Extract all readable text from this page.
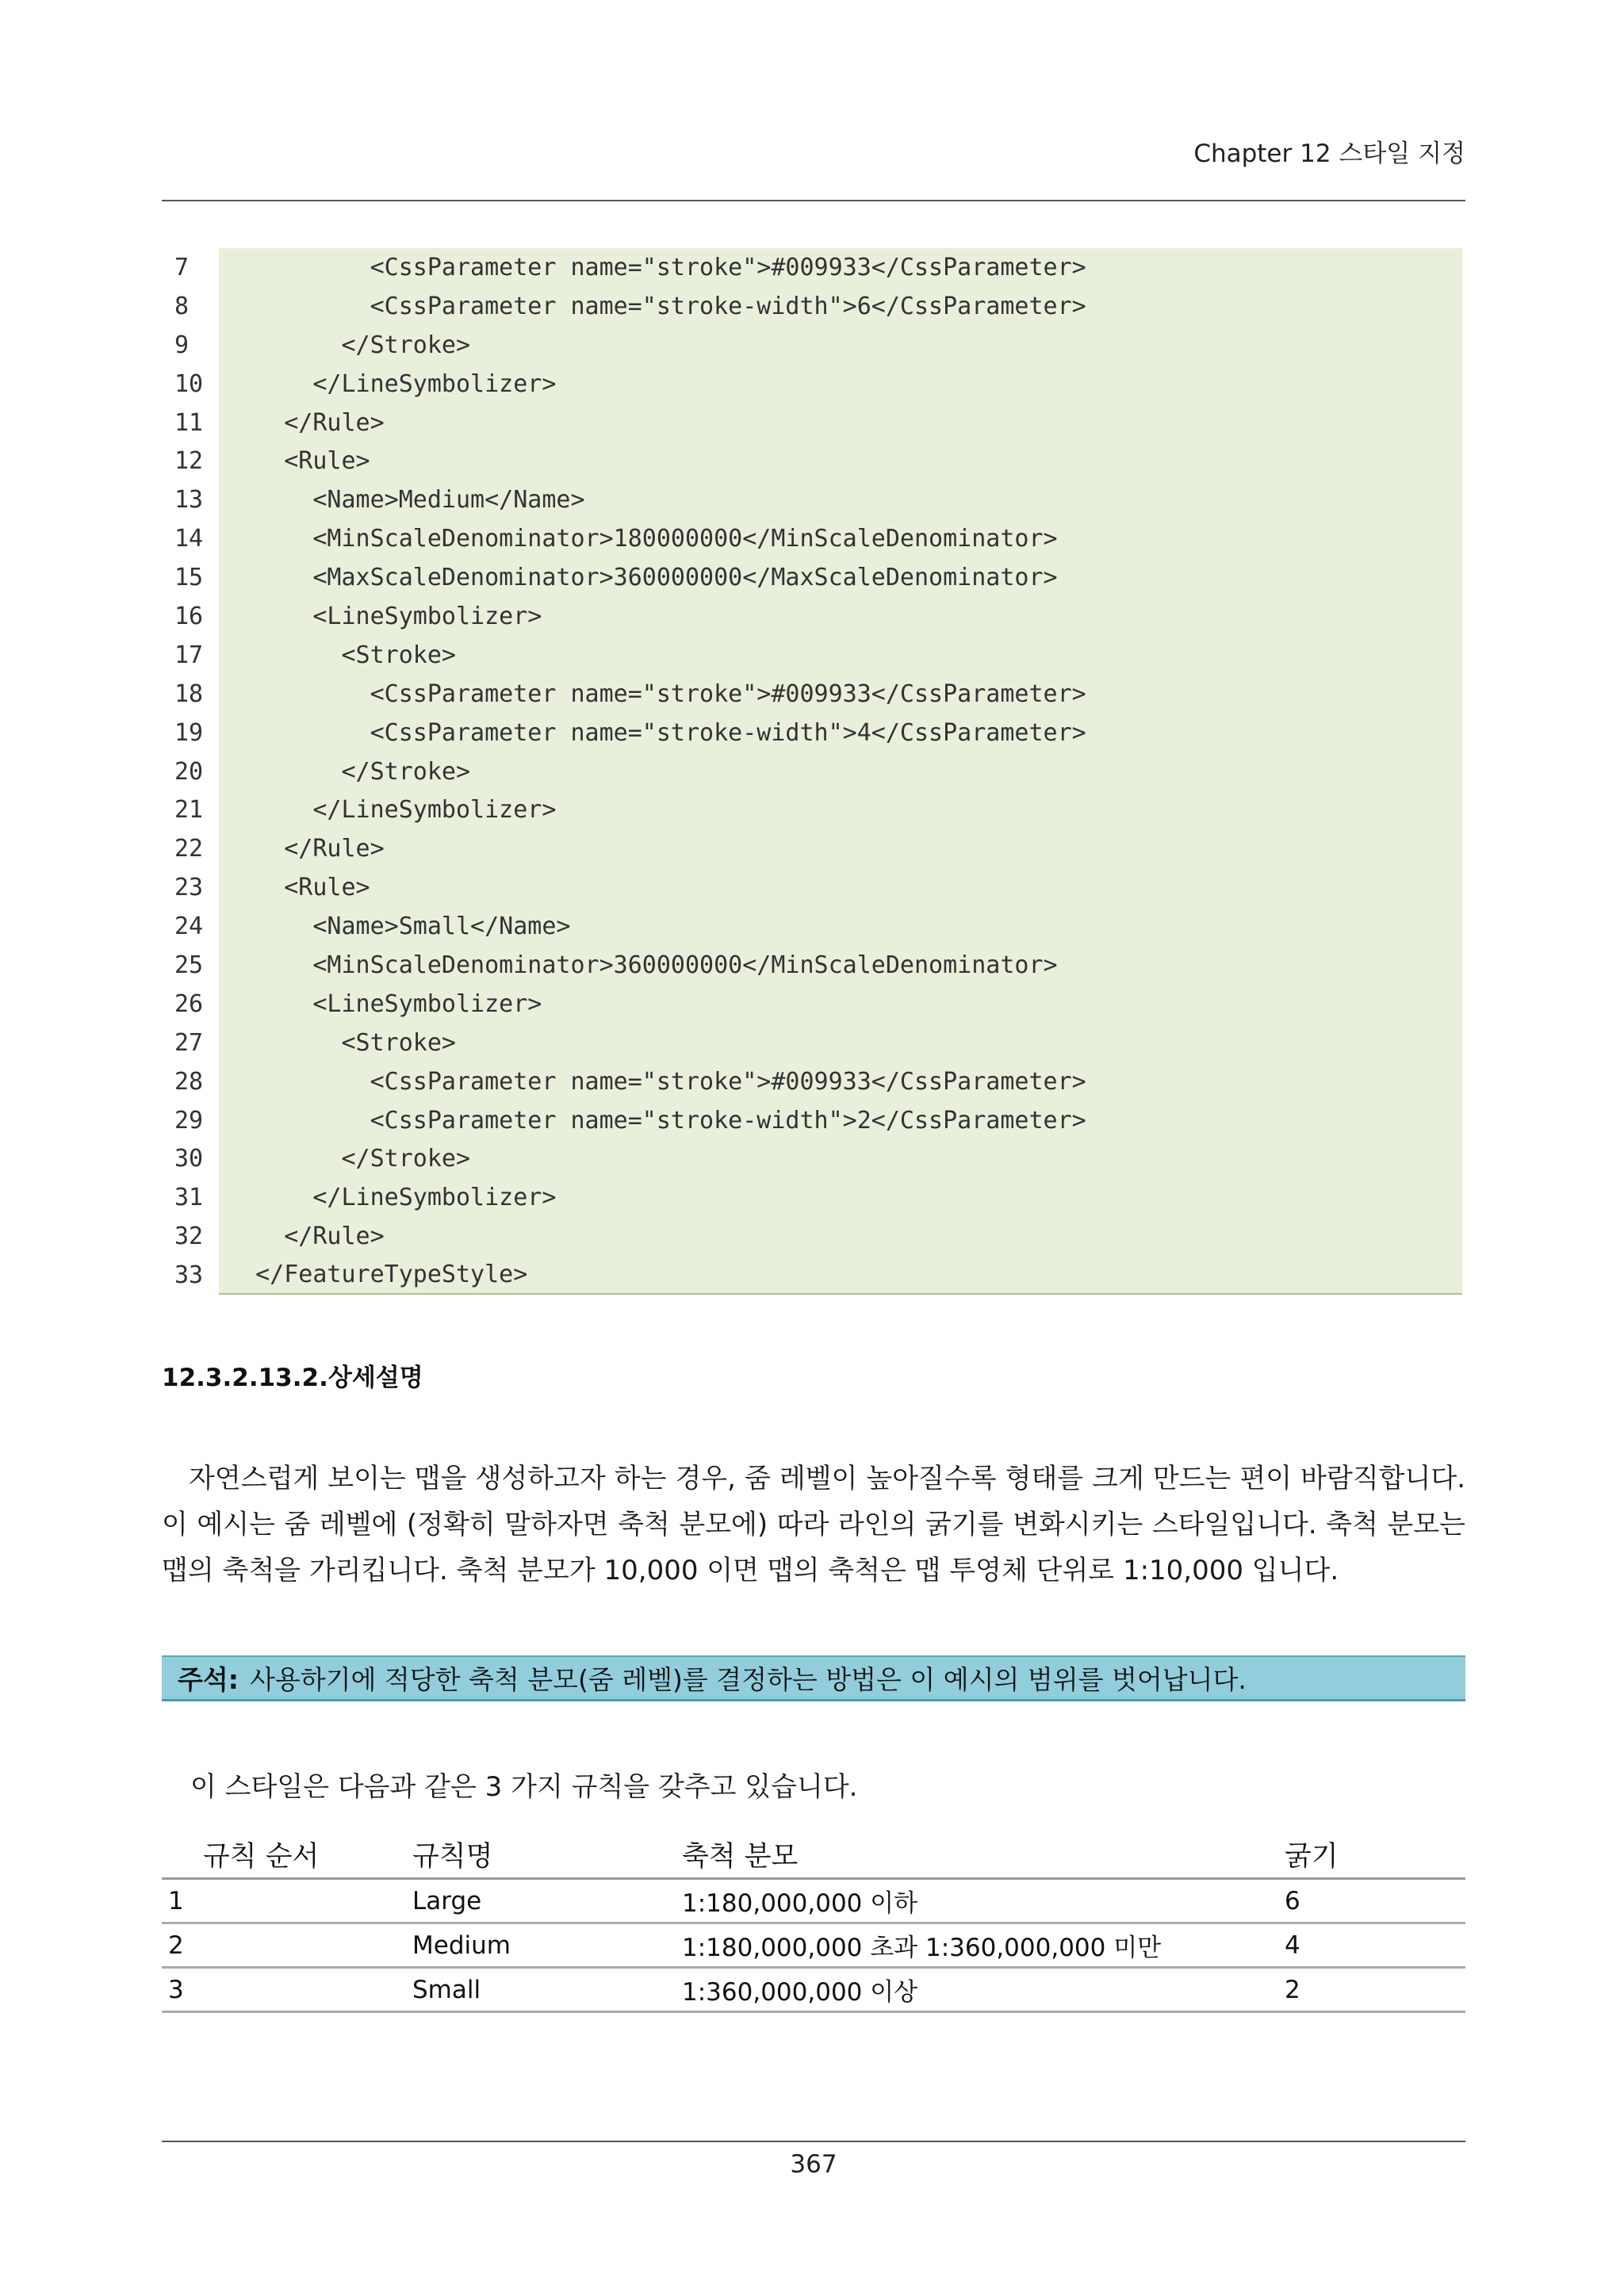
Chapter 12 스타일 지정
7	<CssParameter name="stroke">#009933</CssParameter>
8	<CssParameter name="stroke-width">6</CssParameter>
9	</Stroke>
10 </LineSymbolizer>
11 </Rule>
12 <Rule>
13 <Name>Medium</Name>
14 <MinScaleDenominator>180000000</MinScaleDenominator>
15 <MaxScaleDenominator>360000000</MaxScaleDenominator>
16 <LineSymbolizer>
17 <Stroke>
18 <CssParameter name="stroke">#009933</CssParameter>
19 <CssParameter name="stroke-width">4</CssParameter>
20 </Stroke>
21 </LineSymbolizer>
22 </Rule>
23 <Rule>
24 <Name>Small</Name>
25 <MinScaleDenominator>360000000</MinScaleDenominator>
26 <LineSymbolizer>
27 <Stroke>
28 <CssParameter name="stroke">#009933</CssParameter>
29 <CssParameter name="stroke-width">2</CssParameter>
30 </Stroke>
31 </LineSymbolizer>
32 </Rule>
33 </FeatureTypeStyle>
12.3.2.13.2.상세설명
자연스럽게 보이는 맵을 생성하고자 하는 경우, 줌 레벨이 높아질수록 형태를 크게 만드는 편이 바람직합니다. 이 예시는 줌 레벨에 (정확히 말하자면 축척 분모에) 따라 라인의 굵기를 변화시키는 스타일입니다. 축척 분모는 맵의 축척을 가리킵니다. 축척 분모가 10,000 이면 맵의 축척은 맵 투영체 단위로 1:10,000 입니다.
주석: 사용하기에 적당한 축척 분모(줌 레벨)를 결정하는 방법은 이 예시의 범위를 벗어납니다.
이 스타일은 다음과 같은 3 가지 규칙을 갖추고 있습니다.
규칙 순서	규칙명	축척 분모	굵기
1	Large	1:180,000,000 이하	6
2	Medium	1:180,000,000 초과 1:360,000,000 미만	4
3	Small	1:360,000,000 이상	2
367
